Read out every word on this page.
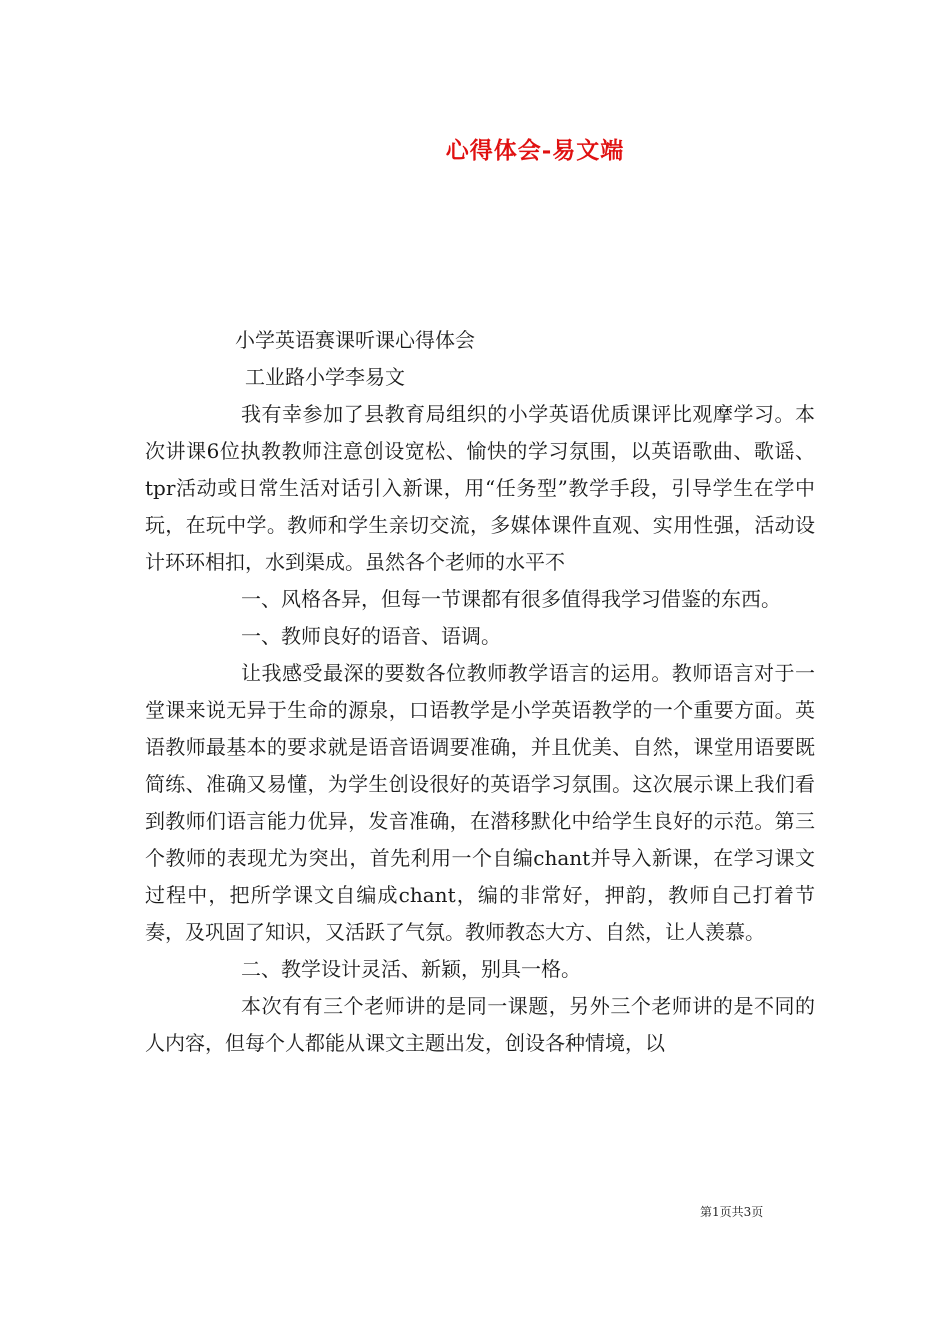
心得体会-易文端

小学英语赛课听课心得体会

工业路小学李易文

我有幸参加了县教育局组织的小学英语优质课评比观摩学习。本次讲课6位执教教师注意创设宽松、愉快的学习氛围，以英语歌曲、歌谣、tpr活动或日常生活对话引入新课，用“任务型”教学手段，引导学生在学中玩，在玩中学。教师和学生亲切交流，多媒体课件直观、实用性强，活动设计环环相扣，水到渠成。虽然各个老师的水平不

一、风格各异，但每一节课都有很多值得我学习借鉴的东西。

一、教师良好的语音、语调。

让我感受最深的要数各位教师教学语言的运用。教师语言对于一堂课来说无异于生命的源泉，口语教学是小学英语教学的一个重要方面。英语教师最基本的要求就是语音语调要准确，并且优美、自然，课堂用语要既简练、准确又易懂，为学生创设很好的英语学习氛围。这次展示课上我们看到教师们语言能力优异，发音准确，在潜移默化中给学生良好的示范。第三个教师的表现尤为突出，首先利用一个自编chant并导入新课，在学习课文过程中，把所学课文自编成chant，编的非常好，押韵，教师自己打着节奏，及巩固了知识，又活跃了气氛。教师教态大方、自然，让人羡慕。

二、教学设计灵活、新颖，别具一格。

本次有有三个老师讲的是同一课题，另外三个老师讲的是不同的人内容，但每个人都能从课文主题出发，创设各种情境，以

第1页共3页
